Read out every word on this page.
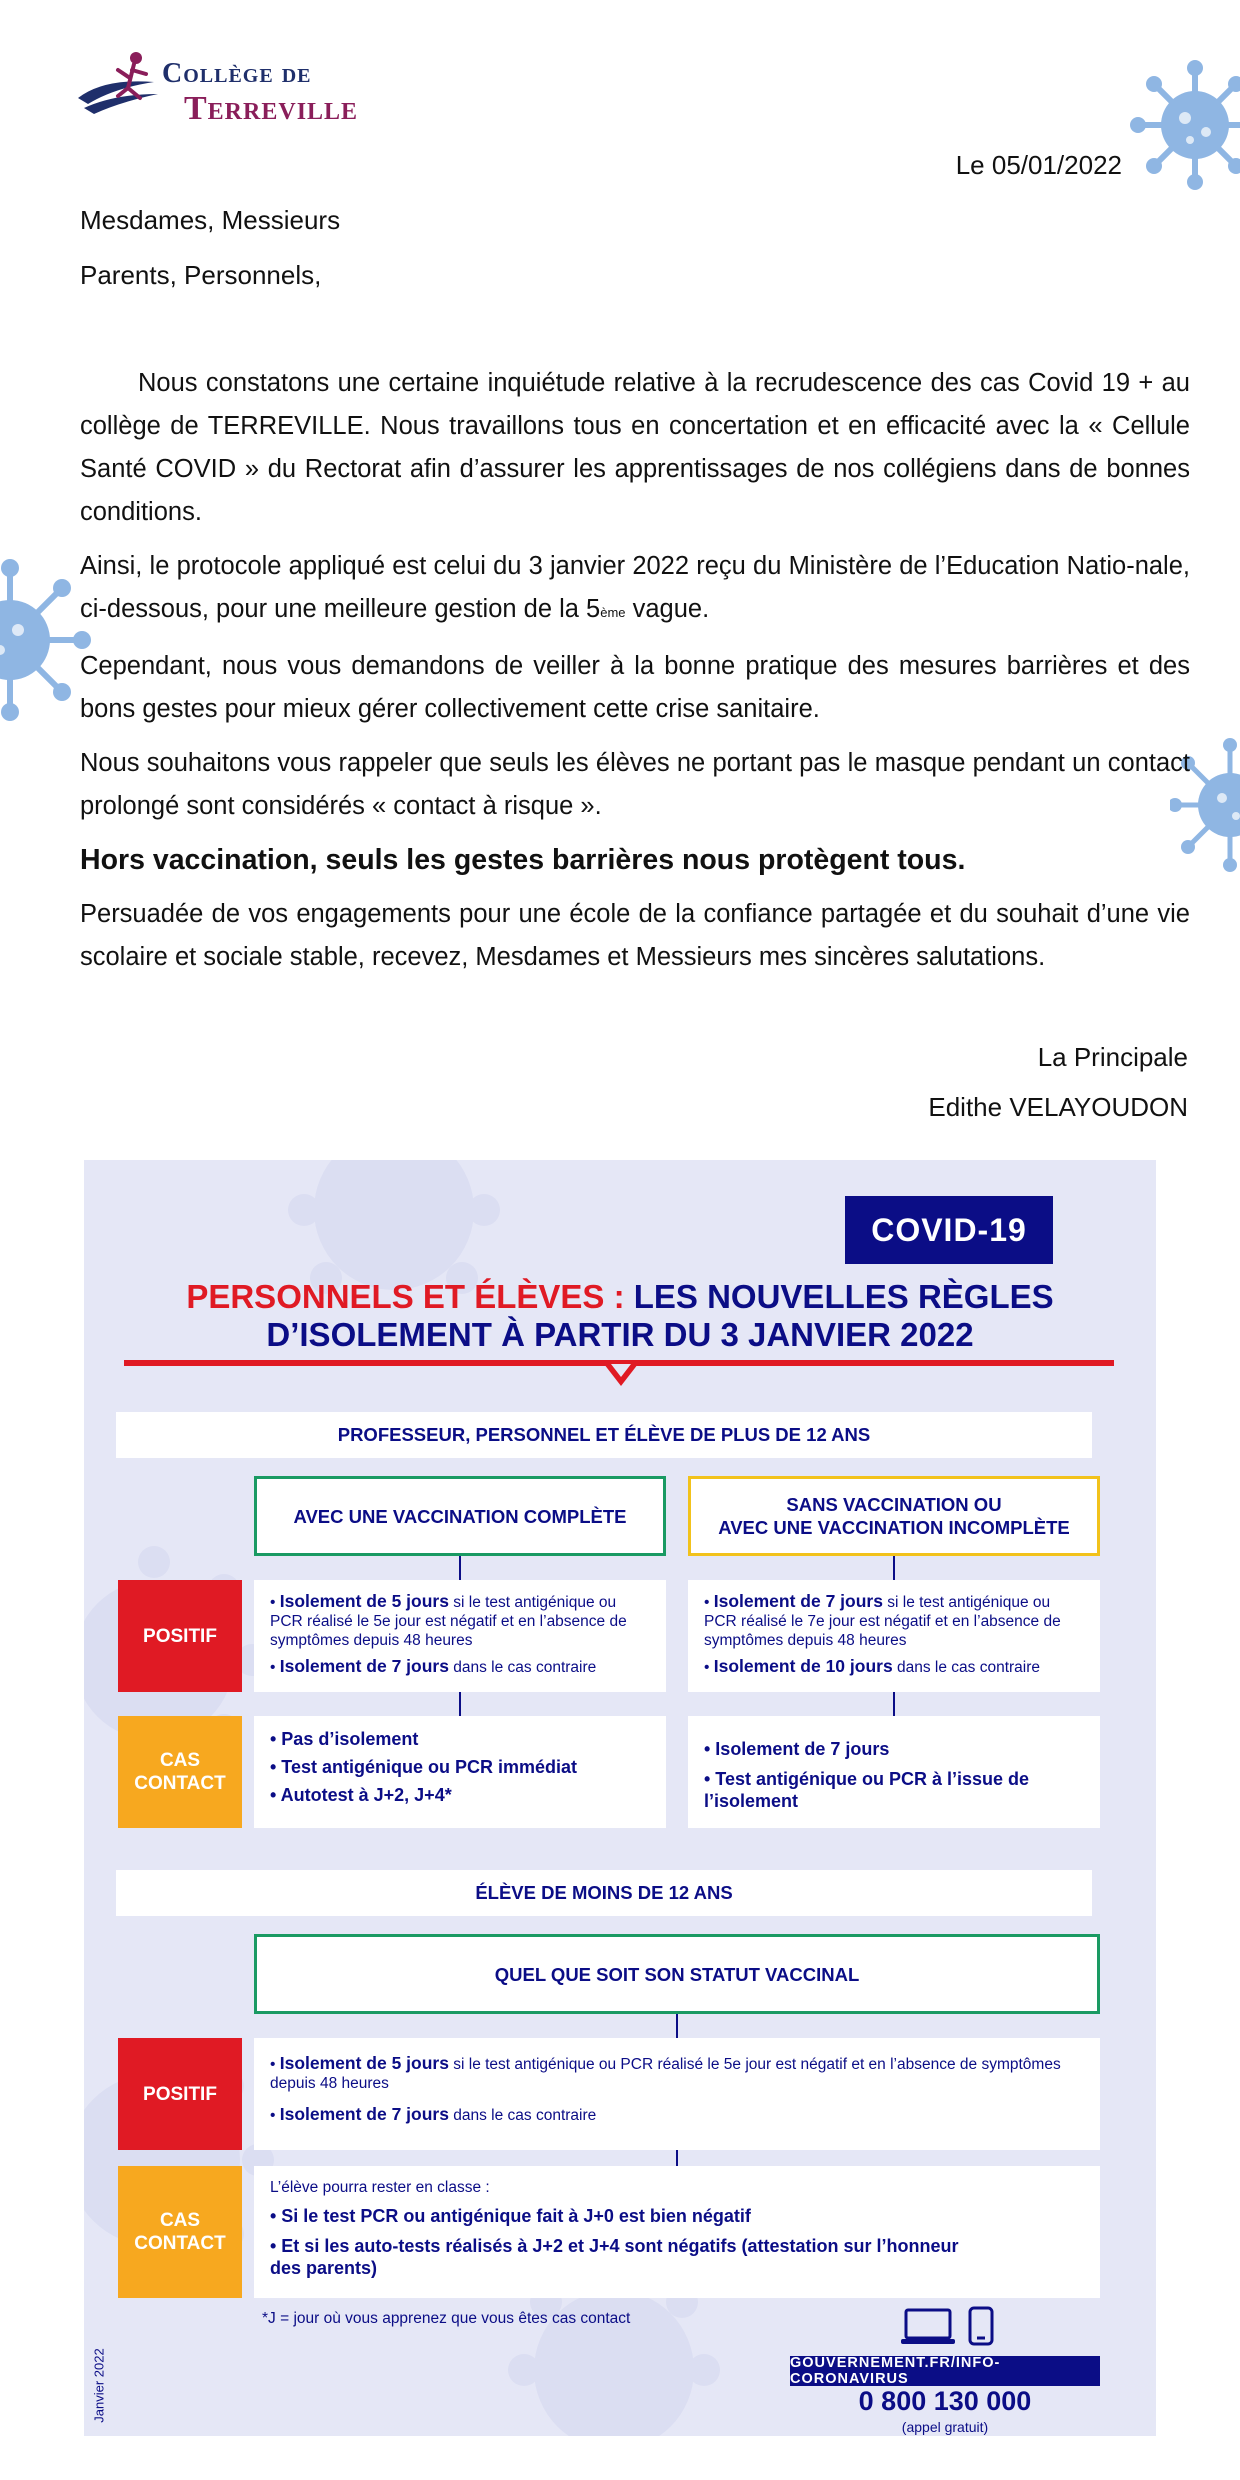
Collège de
Terreville
Le 05/01/2022
Mesdames, Messieurs
Parents, Personnels,

Nous constatons une certaine inquiétude relative à la recrudescence des cas Covid 19 + au collège de TERREVILLE. Nous travaillons tous en concertation et en efficacité avec la « Cellule Santé COVID » du Rectorat afin d’assurer les apprentissages de nos collégiens dans de bonnes conditions.

Ainsi, le protocole appliqué est celui du 3 janvier 2022 reçu du Ministère de l’Education Natio-nale, ci-dessous, pour une meilleure gestion de la 5ème vague.

Cependant, nous vous demandons de veiller à la bonne pratique des mesures barrières et des bons gestes pour mieux gérer collectivement cette crise sanitaire.

Nous souhaitons vous rappeler que seuls les élèves ne portant pas le masque pendant un contact prolongé sont considérés « contact à risque ».

Hors vaccination, seuls les gestes barrières nous protègent tous.

Persuadée de vos engagements pour une école de la confiance partagée et du souhait d’une vie scolaire et sociale stable, recevez, Mesdames et Messieurs mes sincères salutations.

La Principale
Edithe VELAYOUDON
COVID-19
PERSONNELS ET ÉLÈVES : LES NOUVELLES RÈGLES
D’ISOLEMENT À PARTIR DU 3 JANVIER 2022
PROFESSEUR, PERSONNEL ET ÉLÈVE DE PLUS DE 12 ANS
AVEC UNE VACCINATION COMPLÈTE
SANS VACCINATION OU
AVEC UNE VACCINATION INCOMPLÈTE
POSITIF
• Isolement de 5 jours si le test antigénique ou PCR réalisé le 5e jour est négatif et en l’absence de symptômes depuis 48 heures
• Isolement de 7 jours dans le cas contraire
• Isolement de 7 jours si le test antigénique ou PCR réalisé le 7e jour est négatif et en l’absence de symptômes depuis 48 heures
• Isolement de 10 jours dans le cas contraire
CAS
CONTACT
• Pas d’isolement
• Test antigénique ou PCR immédiat
• Autotest à J+2, J+4*
• Isolement de 7 jours
• Test antigénique ou PCR à l’issue de l’isolement
ÉLÈVE DE MOINS DE 12 ANS
QUEL QUE SOIT SON STATUT VACCINAL
POSITIF
• Isolement de 5 jours si le test antigénique ou PCR réalisé le 5e jour est négatif et en l’absence de symptômes depuis 48 heures
• Isolement de 7 jours dans le cas contraire
CAS
CONTACT
L’élève pourra rester en classe :
• Si le test PCR ou antigénique fait à J+0 est bien négatif
• Et si les auto-tests réalisés à J+2 et J+4 sont négatifs (attestation sur l’honneur des parents)
*J = jour où vous apprenez que vous êtes cas contact
GOUVERNEMENT.FR/INFO-CORONAVIRUS
0 800 130 000
(appel gratuit)
Janvier 2022
